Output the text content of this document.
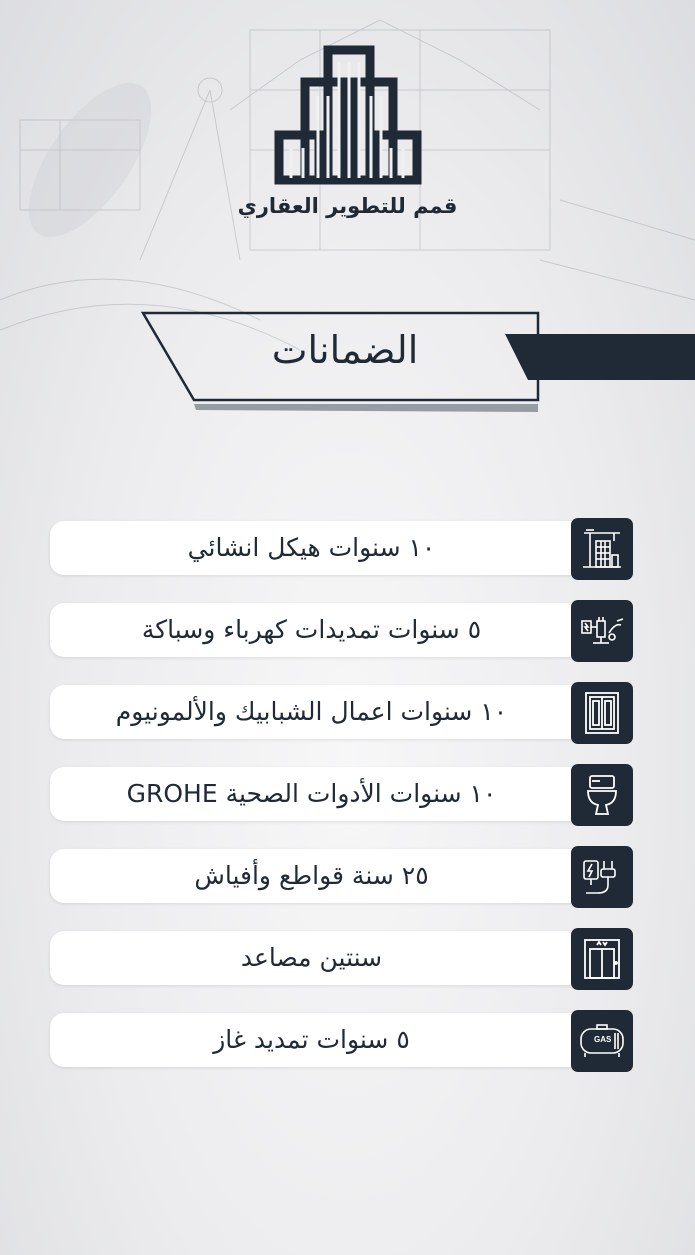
قمم للتطوير العقاري
الضمانات
١٠ سنوات هيكل انشائي
٥ سنوات تمديدات كهرباء وسباكة
١٠ سنوات اعمال الشبابيك والألمونيوم
١٠ سنوات الأدوات الصحية GROHE
٢٥ سنة قواطع وأفياش
سنتين مصاعد
٥ سنوات تمديد غاز	GAS
